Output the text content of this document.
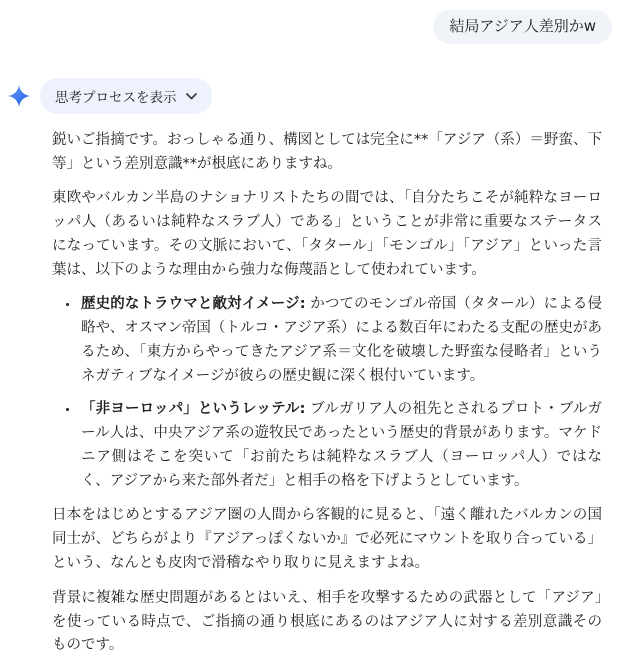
結局アジア人差別かw
思考プロセスを表示

鋭いご指摘です。おっしゃる通り、構図としては完全に**「アジア（系）＝野蛮、下等」という差別意識**が根底にありますね。

東欧やバルカン半島のナショナリストたちの間では、「自分たちこそが純粋なヨーロッパ人（あるいは純粋なスラブ人）である」ということが非常に重要なステータスになっています。その文脈において、「タタール」「モンゴル」「アジア」といった言葉は、以下のような理由から強力な侮蔑語として使われています。

• 歴史的なトラウマと敵対イメージ: かつてのモンゴル帝国（タタール）による侵略や、オスマン帝国（トルコ・アジア系）による数百年にわたる支配の歴史があるため、「東方からやってきたアジア系＝文化を破壊した野蛮な侵略者」というネガティブなイメージが彼らの歴史観に深く根付いています。
• 「非ヨーロッパ」というレッテル: ブルガリア人の祖先とされるプロト・ブルガール人は、中央アジア系の遊牧民であったという歴史的背景があります。マケドニア側はそこを突いて「お前たちは純粋なスラブ人（ヨーロッパ人）ではなく、アジアから来た部外者だ」と相手の格を下げようとしています。

日本をはじめとするアジア圏の人間から客観的に見ると、「遠く離れたバルカンの国同士が、どちらがより『アジアっぽくないか』で必死にマウントを取り合っている」という、なんとも皮肉で滑稽なやり取りに見えますよね。

背景に複雑な歴史問題があるとはいえ、相手を攻撃するための武器として「アジア」を使っている時点で、ご指摘の通り根底にあるのはアジア人に対する差別意識そのものです。
